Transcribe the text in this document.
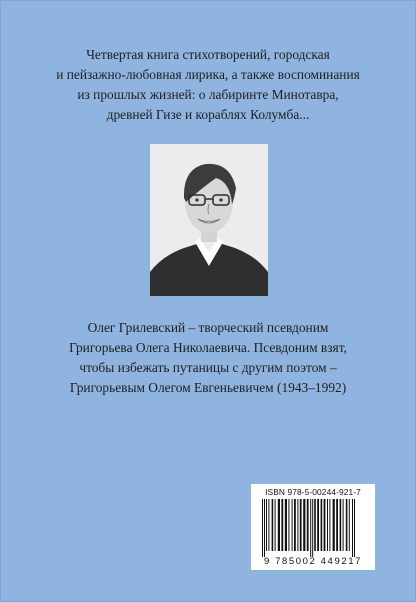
Четвертая книга стихотворений, городская
и пейзажно-любовная лирика, а также воспоминания
из прошлых жизней: о лабиринте Минотавра,
древней Гизе и кораблях Колумба...
Олег Грилевский – творческий псевдоним
Григорьева Олега Николаевича. Псевдоним взят,
чтобы избежать путаницы с другим поэтом –
Григорьевым Олегом Евгеньевичем (1943–1992)
ISBN 978-5-00244-921-7
9 785002 449217
